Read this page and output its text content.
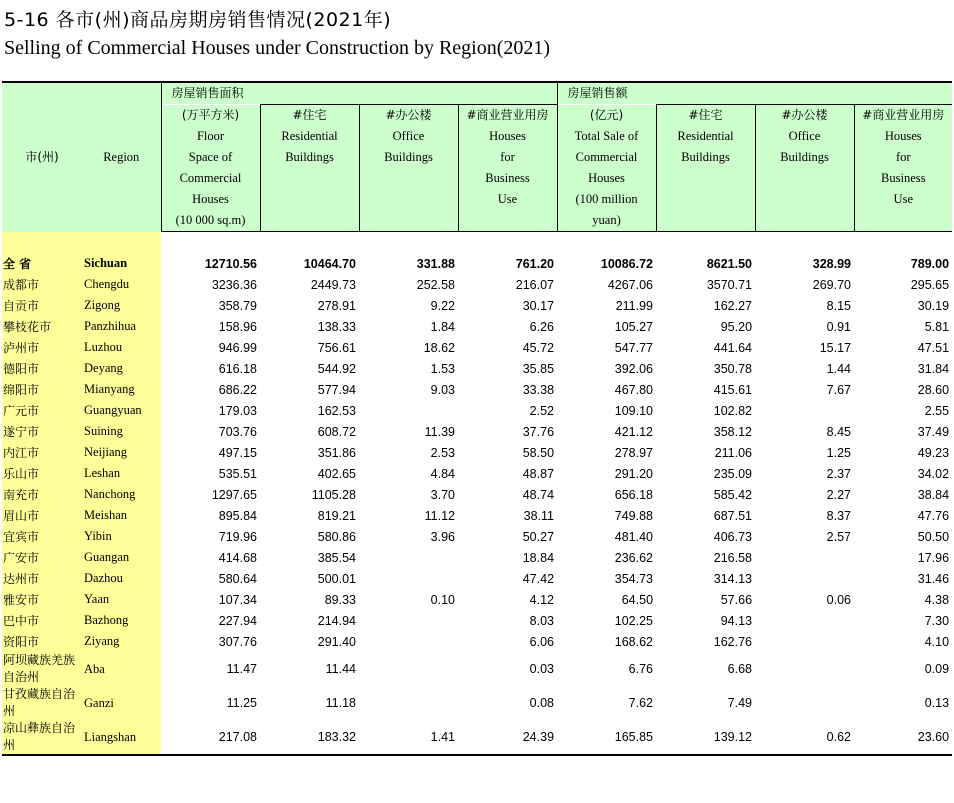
5-16 各市(州)商品房期房销售情况(2021年)
Selling of Commercial Houses under Construction by Region(2021)
市(州)	Region	房屋销售面积				房屋销售额			
		(万平方米)	#住宅	#办公楼	#商业营业用房	(亿元)	#住宅	#办公楼	#商业营业用房
		Floor	Residential	Office	Houses	Total Sale of	Residential	Office	Houses
		Space of	Buildings	Buildings	for	Commercial	Buildings	Buildings	for
		Commercial			Business	Houses			Business
		Houses			Use	(100 million			Use
		(10 000 sq.m)				yuan)			

全 省	Sichuan	12710.56	10464.70	331.88	761.20	10086.72	8621.50	328.99	789.00
成都市	Chengdu	3236.36	2449.73	252.58	216.07	4267.06	3570.71	269.70	295.65
自贡市	Zigong	358.79	278.91	9.22	30.17	211.99	162.27	8.15	30.19
攀枝花市	Panzhihua	158.96	138.33	1.84	6.26	105.27	95.20	0.91	5.81
泸州市	Luzhou	946.99	756.61	18.62	45.72	547.77	441.64	15.17	47.51
德阳市	Deyang	616.18	544.92	1.53	35.85	392.06	350.78	1.44	31.84
绵阳市	Mianyang	686.22	577.94	9.03	33.38	467.80	415.61	7.67	28.60
广元市	Guangyuan	179.03	162.53		2.52	109.10	102.82		2.55
遂宁市	Suining	703.76	608.72	11.39	37.76	421.12	358.12	8.45	37.49
内江市	Neijiang	497.15	351.86	2.53	58.50	278.97	211.06	1.25	49.23
乐山市	Leshan	535.51	402.65	4.84	48.87	291.20	235.09	2.37	34.02
南充市	Nanchong	1297.65	1105.28	3.70	48.74	656.18	585.42	2.27	38.84
眉山市	Meishan	895.84	819.21	11.12	38.11	749.88	687.51	8.37	47.76
宜宾市	Yibin	719.96	580.86	3.96	50.27	481.40	406.73	2.57	50.50
广安市	Guangan	414.68	385.54		18.84	236.62	216.58		17.96
达州市	Dazhou	580.64	500.01		47.42	354.73	314.13		31.46
雅安市	Yaan	107.34	89.33	0.10	4.12	64.50	57.66	0.06	4.38
巴中市	Bazhong	227.94	214.94		8.03	102.25	94.13		7.30
资阳市	Ziyang	307.76	291.40		6.06	168.62	162.76		4.10
阿坝藏族羌族自治州	Aba	11.47	11.44		0.03	6.76	6.68		0.09
甘孜藏族自治州	Ganzi	11.25	11.18		0.08	7.62	7.49		0.13
凉山彝族自治州	Liangshan	217.08	183.32	1.41	24.39	165.85	139.12	0.62	23.60
